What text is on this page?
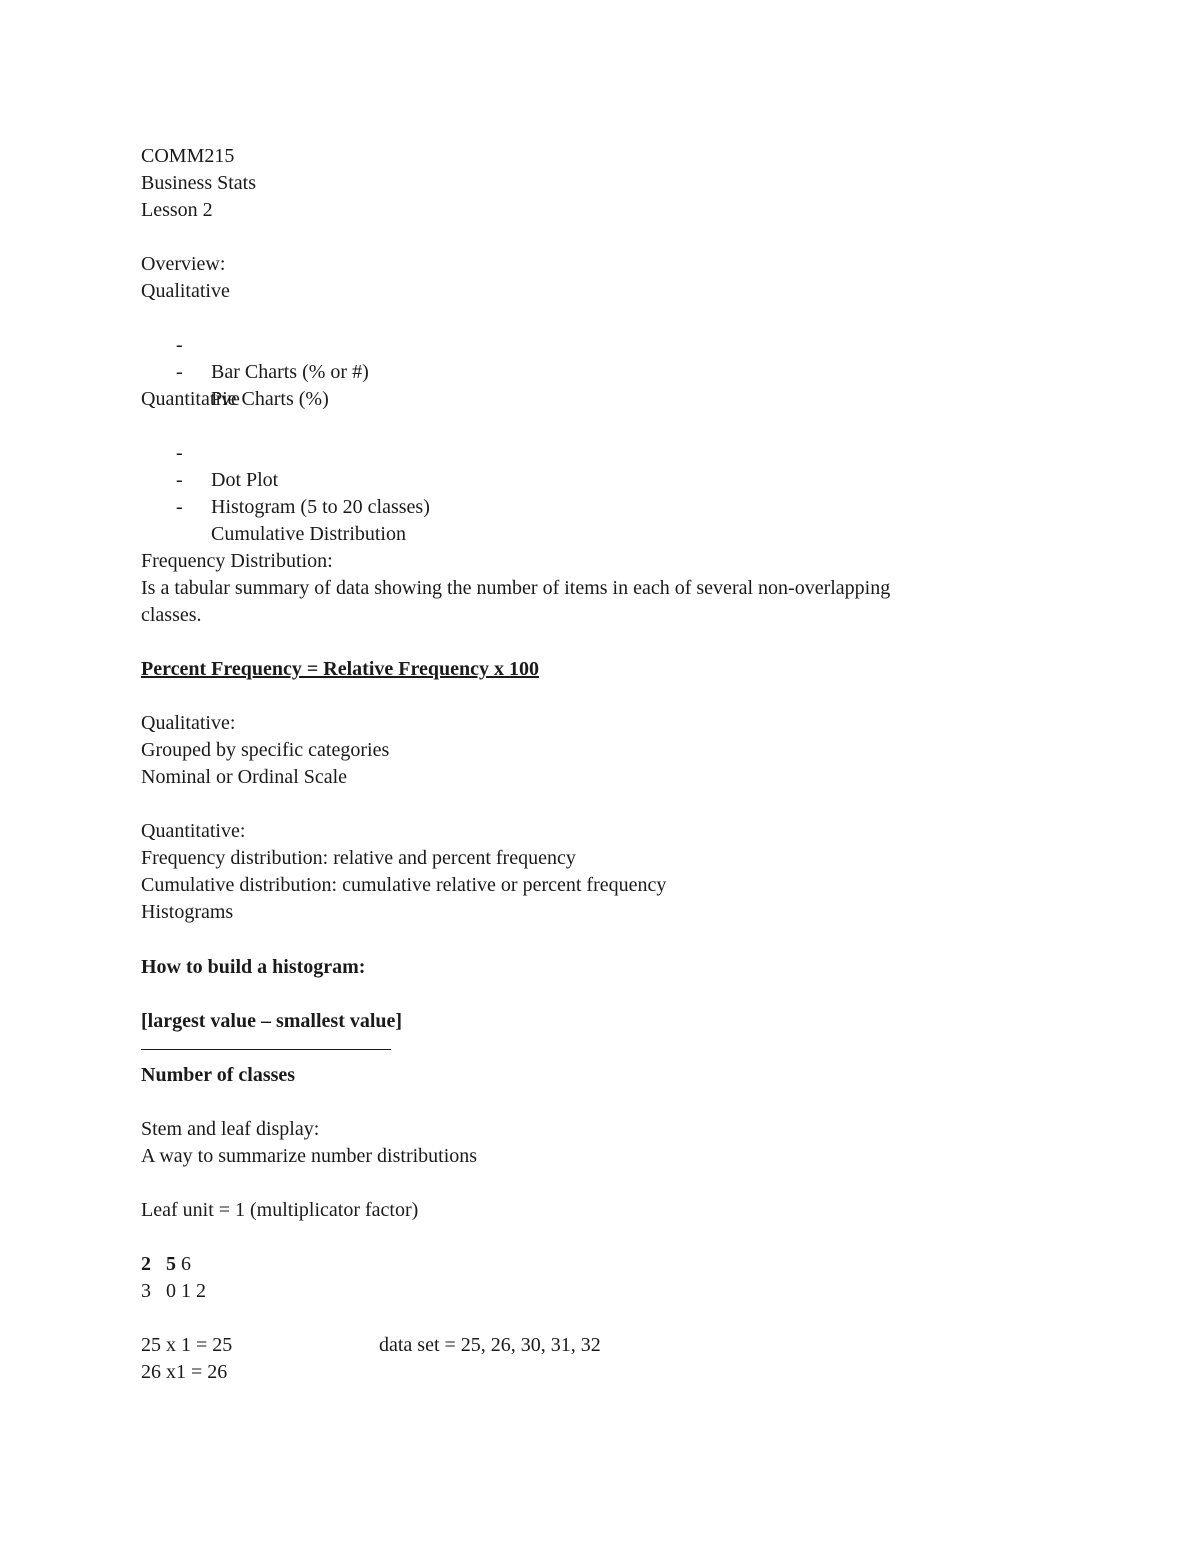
COMM215
Business Stats
Lesson 2
Overview:
Qualitative

-

Bar Charts (% or #)

-

Pie Charts (%)

Quantitative

-

Dot Plot

-

Histogram (5 to 20 classes)

-

Cumulative Distribution

Frequency Distribution:
Is a tabular summary of data showing the number of items in each of several non-overlapping
classes.
Percent Frequency = Relative Frequency x 100
Qualitative:
Grouped by specific categories
Nominal or Ordinal Scale
Quantitative:
Frequency distribution: relative and percent frequency
Cumulative distribution: cumulative relative or percent frequency
Histograms
How to build a histogram:
[largest value – smallest value]
Number of classes
Stem and leaf display:
A way to summarize number distributions
Leaf unit = 1 (multiplicator factor)
2 5 6
3 0 1 2
25 x 1 = 25	data set = 25, 26, 30, 31, 32
26 x1 = 26
